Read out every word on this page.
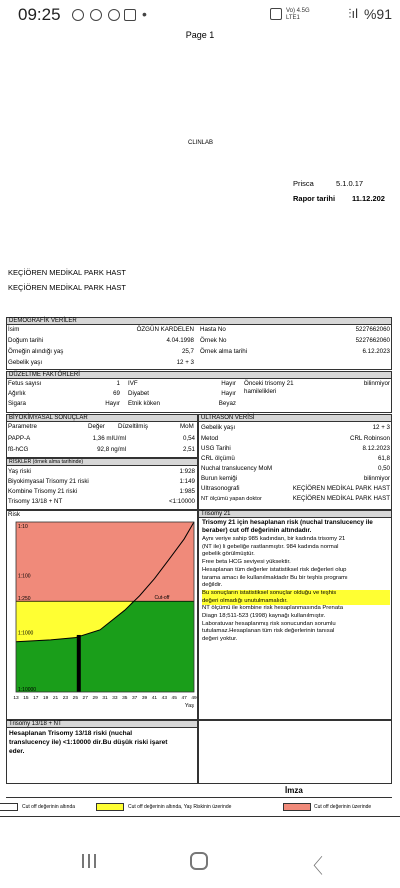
09:25	•	Vo) 4.5G LTE1	⫶ıl %91
Page 1
CLINLAB
Prisca	5.1.0.17
Rapor tarihi 11.12.202
KEÇİÖREN MEDİKAL PARK HAST
KEÇİÖREN MEDİKAL PARK HAST
DEMOGRAFİK VERİLER
İsim	ÖZGÜN KARDELEN
Doğum tarihi	4.04.1998
Örneğin alındığı yaş	25,7
Gebelik yaşı	12 + 3
Hasta No	5227662060
Örnek No	5227662060
Örnek alma tarihi	6.12.2023
DÜZELTME FAKTÖRLERİ
Fetus sayısı	1
Ağırlık	69
Sigara	Hayır
IVF	Hayır
Diyabet	Hayır
Etnik köken	Beyaz
Önceki trisomy 21
hamilelikleri
bilinmiyor
BİYOKİMYASAL SONUÇLAR
Parametre	Değer Düzeltilmiş	MoM
PAPP-A	1,36 mIU/ml	0,54
fß-hCG	92,8 ng/ml	2,51
RİSKLER (örnek alma tarihinde)
Yaş riski	1:928
Biyokimyasal Trisomy 21 riski	1:149
Kombine Trisomy 21 riski	1:985
Trisomy 13/18 + NT	<1:10000
ULTRASON VERİSİ
Gebelik yaşı	12 + 3
Metod	CRL Robinson
USG Tarihi	8.12.2023
CRL ölçümü	61,8
Nuchal translucency MoM	0,50
Burun kemiği	bilinmiyor
Ultrasonografi	KEÇİÖREN MEDİKAL PARK HAST
NT ölçümü yapan doktor	KEÇİÖREN MEDİKAL PARK HAST
Risk
1:10
1:100
1:250
1:1000
1:10000
Cut-off
13 15 17 19 21 23 25 27 29 31 33 35 37 39 41 43 45 47 49
Yaş
Trisomy 21
Trisomy 21 için hesaplanan risk (nuchal translucency ile beraber) cut off değerinin altındadır.
Aynı veriye sahip 985 kadından, bir kadında trisomy 21
(NT ile) li gebeliğe rastlanmıştır. 984 kadında normal
gebelik görülmüştür.
Free beta HCG seviyesi yüksektir.
Hesaplanan tüm değerler istatistiksel risk değerleri olup
tarama amacı ile kullanılmaktadır Bu bir teşhis programı
değildir.
Bu sonuçların istatistiksel sonuçlar olduğu ve teşhis
değeri olmadığı unutulmamalıdır.
NT ölçümü ile kombine risk hesaplanmasında Prenata
Diagn 18;511-523 (1998) kaynağı kullanılmıştır.
Laboratuvar hesaplanmış risk sonucundan sorumlu
tutulamaz.Hesaplanan tüm risk değerlerinin tanısal
değeri yoktur.
Trisomy 13/18 + NT
Hesaplanan Trisomy 13/18 riski (nuchal
translucency ile) <1:10000 dir.Bu düşük riski işaret
eder.
İmza
Cut off değerinin altında	Cut off değerinin altında, Yaş Riskinin üzerinde	Cut off değerinin üzerinde
〈
